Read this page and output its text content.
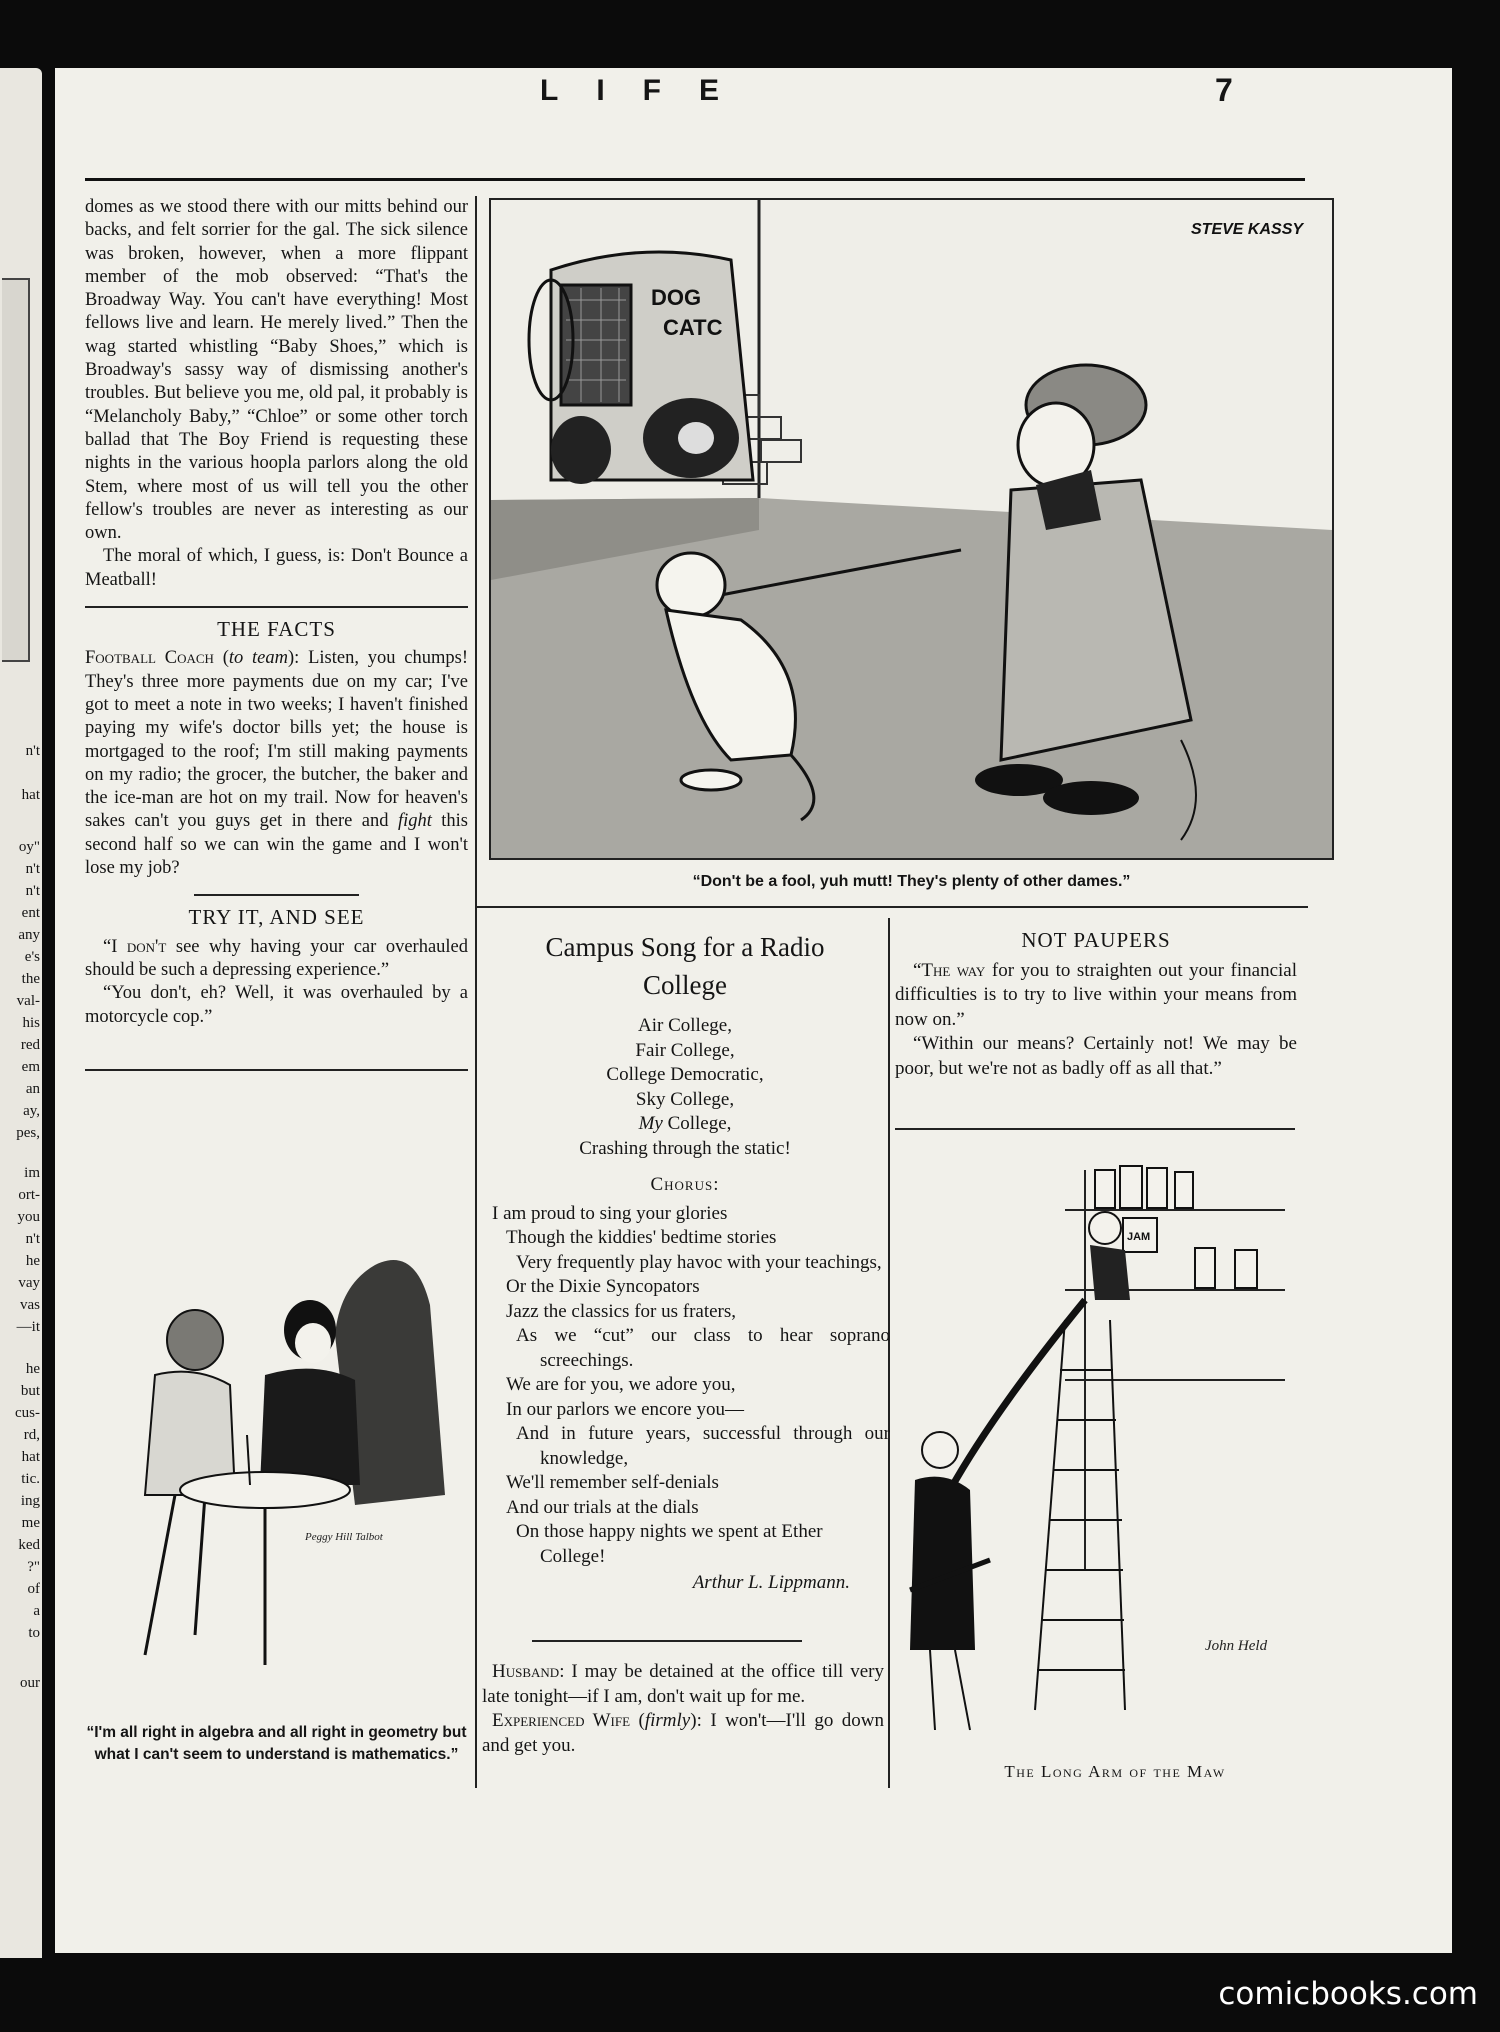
n't
hat
oy"
n't
n't
ent
any
e's
the
val-
his
red
em
an
ay,
pes,
im
ort-
you
n't
he
vay
vas
—it
he
but
cus-
rd,
hat
tic.
ing
me
ked
?"
of
a
to
our
LIFE	7

domes as we stood there with our mitts behind our backs, and felt sorrier for the gal. The sick silence was broken, however, when a more flippant member of the mob observed: “That's the Broadway Way. You can't have everything! Most fellows live and learn. He merely lived.” Then the wag started whistling “Baby Shoes,” which is Broadway's sassy way of dismissing another's troubles. But believe you me, old pal, it probably is “Melancholy Baby,” “Chloe” or some other torch ballad that The Boy Friend is requesting these nights in the various hoopla parlors along the old Stem, where most of us will tell you the other fellow's troubles are never as interesting as our own.

The moral of which, I guess, is: Don't Bounce a Meatball!

THE FACTS

Football Coach (to team): Listen, you chumps! They's three more payments due on my car; I've got to meet a note in two weeks; I haven't finished paying my wife's doctor bills yet; the house is mortgaged to the roof; I'm still making payments on my radio; the grocer, the butcher, the baker and the ice-man are hot on my trail. Now for heaven's sakes can't you guys get in there and fight this second half so we can win the game and I won't lose my job?

TRY IT, AND SEE

“I don't see why having your car overhauled should be such a depressing experience.”

“You don't, eh? Well, it was overhauled by a motorcycle cop.”

DOG
CATC
STEVE KASSY
“Don't be a fool, yuh mutt! They's plenty of other dames.”
Campus Song for a Radio
College
Air College,
Fair College,
College Democratic,
Sky College,
My College,
Crashing through the static!
Chorus:
I am proud to sing your glories
Though the kiddies' bedtime stories
Very frequently play havoc with your teachings,
Or the Dixie Syncopators
Jazz the classics for us fraters,
As we “cut” our class to hear soprano screechings.
We are for you, we adore you,
In our parlors we encore you—
And in future years, successful through our knowledge,
We'll remember self-denials
And our trials at the dials
On those happy nights we spent at Ether College!
Arthur L. Lippmann.

Husband: I may be detained at the office till very late tonight—if I am, don't wait up for me.

Experienced Wife (firmly): I won't—I'll go down and get you.

NOT PAUPERS

“The way for you to straighten out your financial difficulties is to try to live within your means from now on.”

“Within our means? Certainly not! We may be poor, but we're not as badly off as all that.”

Peggy Hill Talbot
“I'm all right in algebra and all right in geometry but what I can't seem to understand is mathematics.”
JAM
John Held
The Long Arm of the Maw
comicbooks.com
